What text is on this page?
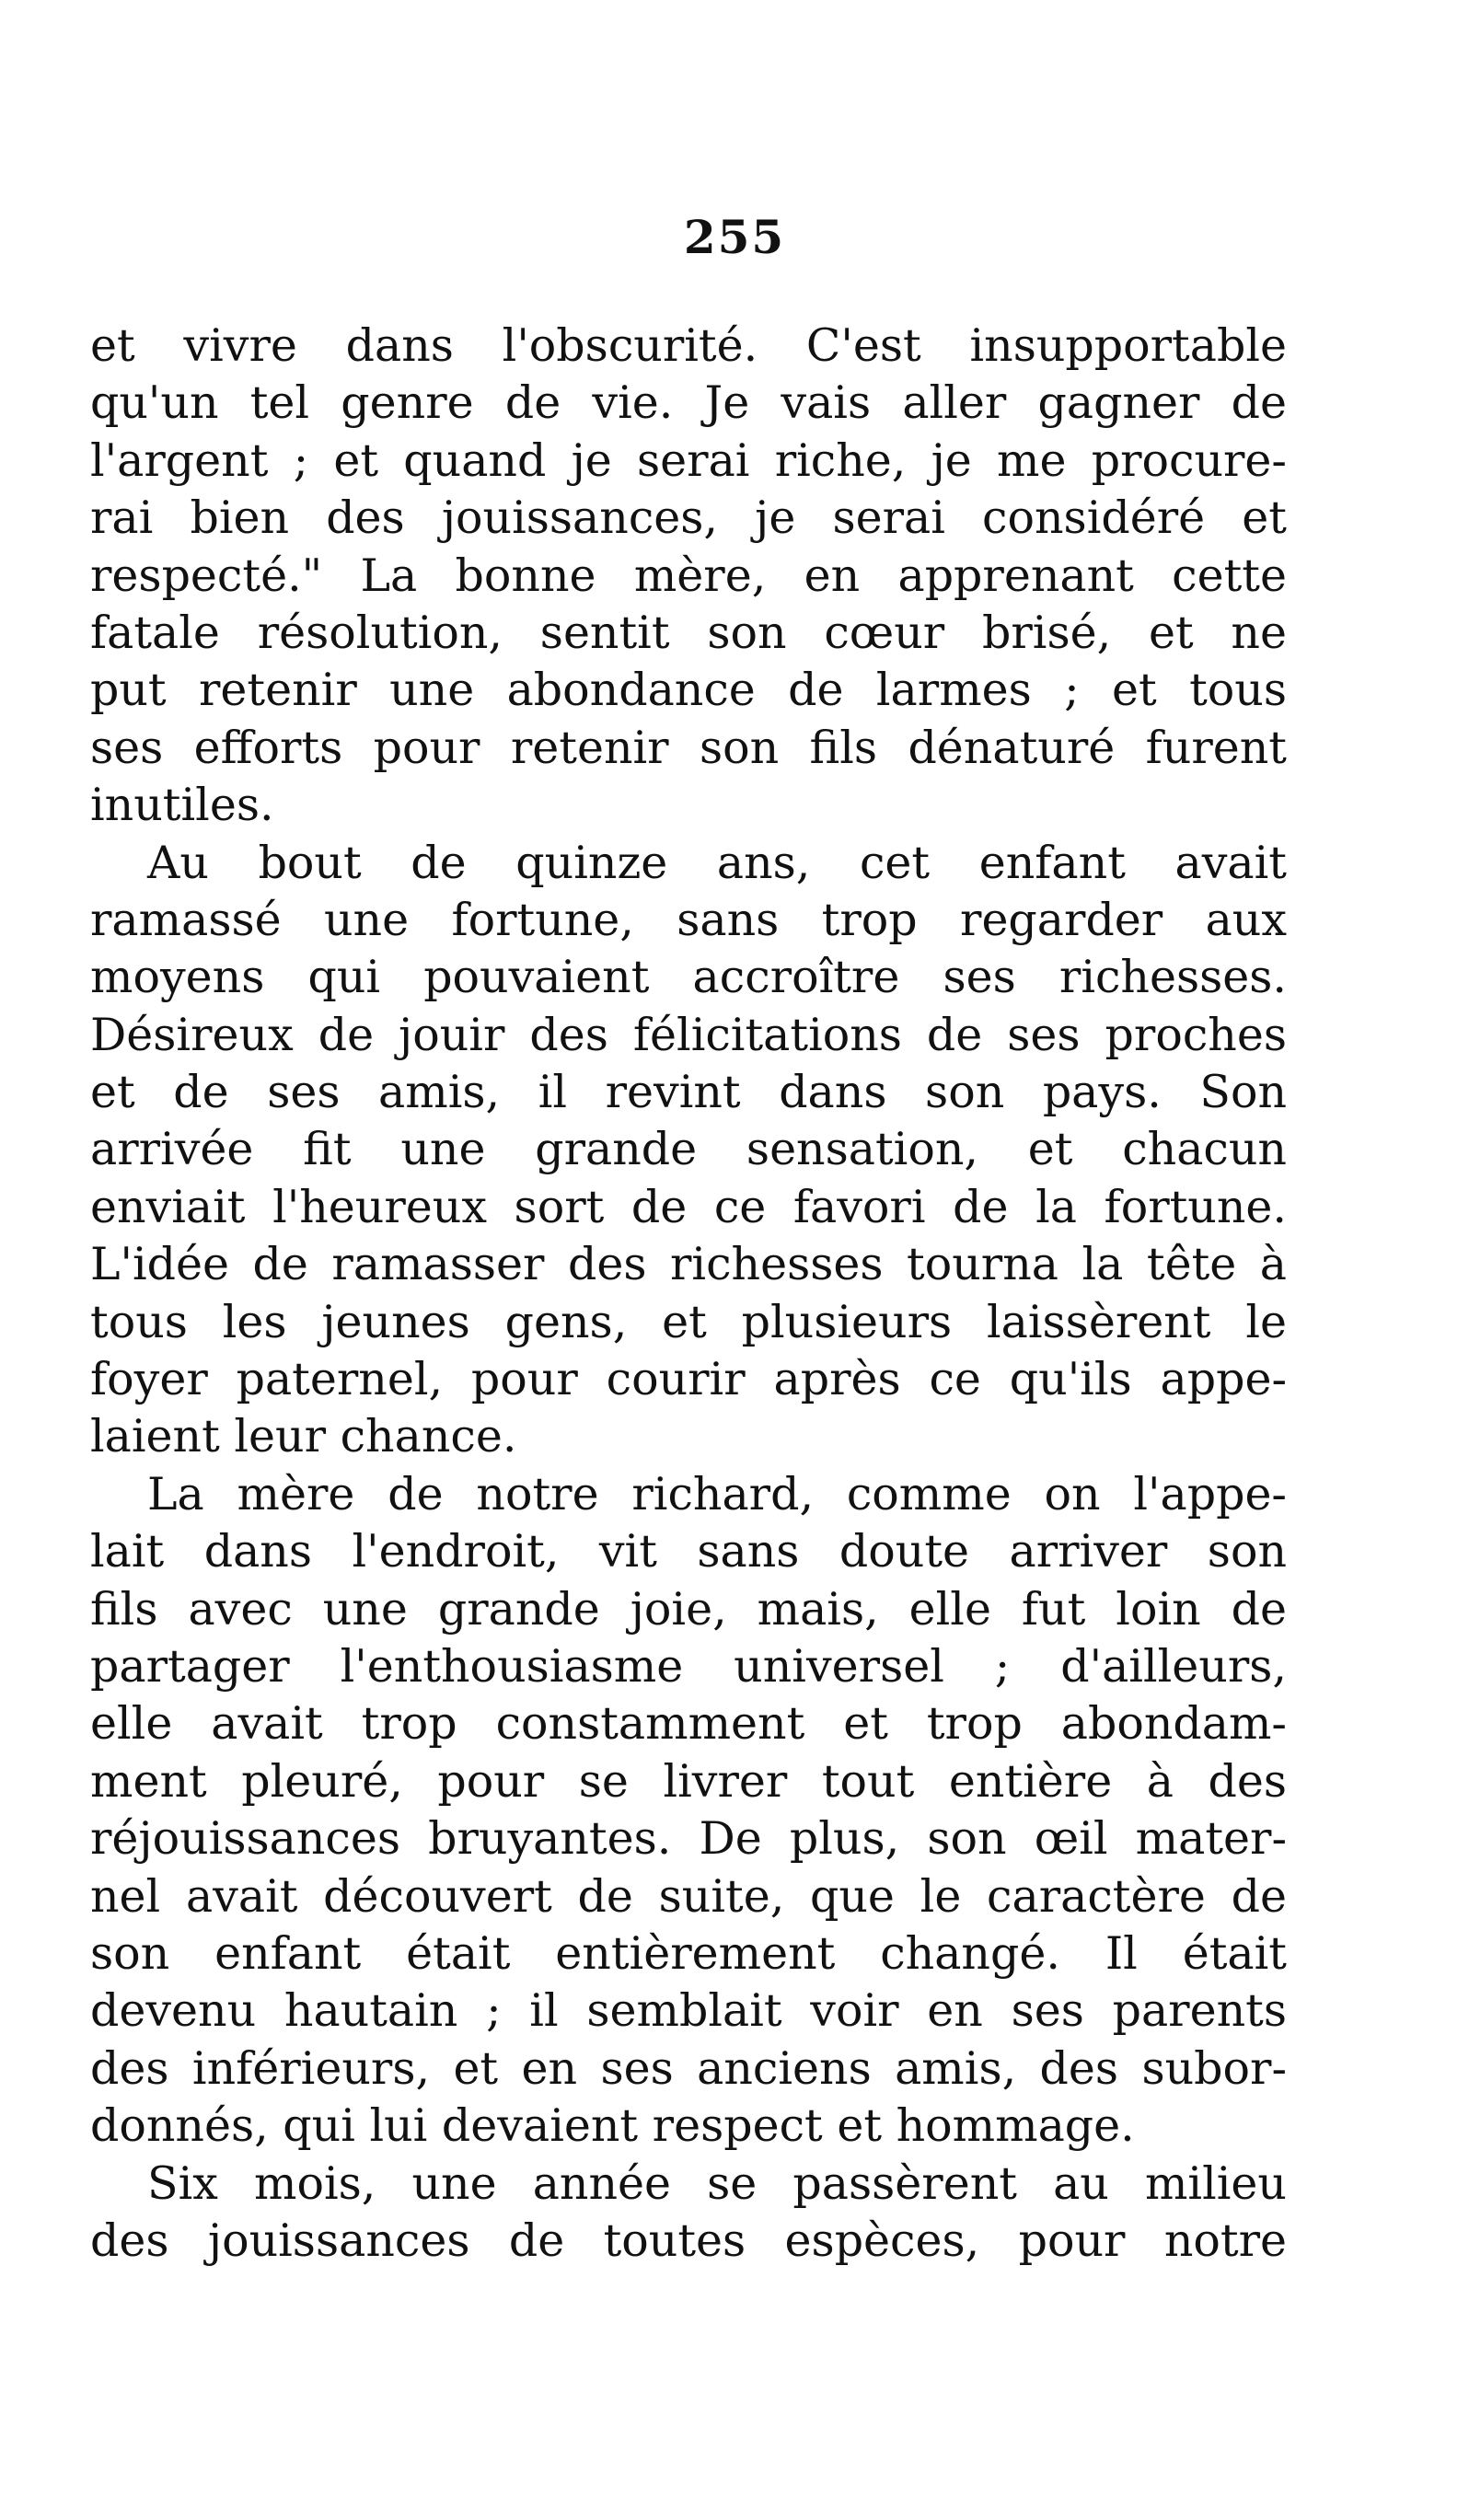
255
et vivre dans l'obscurité. C'est insupportable
qu'un tel genre de vie. Je vais aller gagner de
l'argent ; et quand je serai riche, je me procure-
rai bien des jouissances, je serai considéré et
respecté." La bonne mère, en apprenant cette
fatale résolution, sentit son cœur brisé, et ne
put retenir une abondance de larmes ; et tous
ses efforts pour retenir son fils dénaturé furent
inutiles.
Au bout de quinze ans, cet enfant avait
ramassé une fortune, sans trop regarder aux
moyens qui pouvaient accroître ses richesses.
Désireux de jouir des félicitations de ses proches
et de ses amis, il revint dans son pays. Son
arrivée fit une grande sensation, et chacun
enviait l'heureux sort de ce favori de la fortune.
L'idée de ramasser des richesses tourna la tête à
tous les jeunes gens, et plusieurs laissèrent le
foyer paternel, pour courir après ce qu'ils appe-
laient leur chance.
La mère de notre richard, comme on l'appe-
lait dans l'endroit, vit sans doute arriver son
fils avec une grande joie, mais, elle fut loin de
partager l'enthousiasme universel ; d'ailleurs,
elle avait trop constamment et trop abondam-
ment pleuré, pour se livrer tout entière à des
réjouissances bruyantes. De plus, son œil mater-
nel avait découvert de suite, que le caractère de
son enfant était entièrement changé. Il était
devenu hautain ; il semblait voir en ses parents
des inférieurs, et en ses anciens amis, des subor-
donnés, qui lui devaient respect et hommage.
Six mois, une année se passèrent au milieu
des jouissances de toutes espèces, pour notre
